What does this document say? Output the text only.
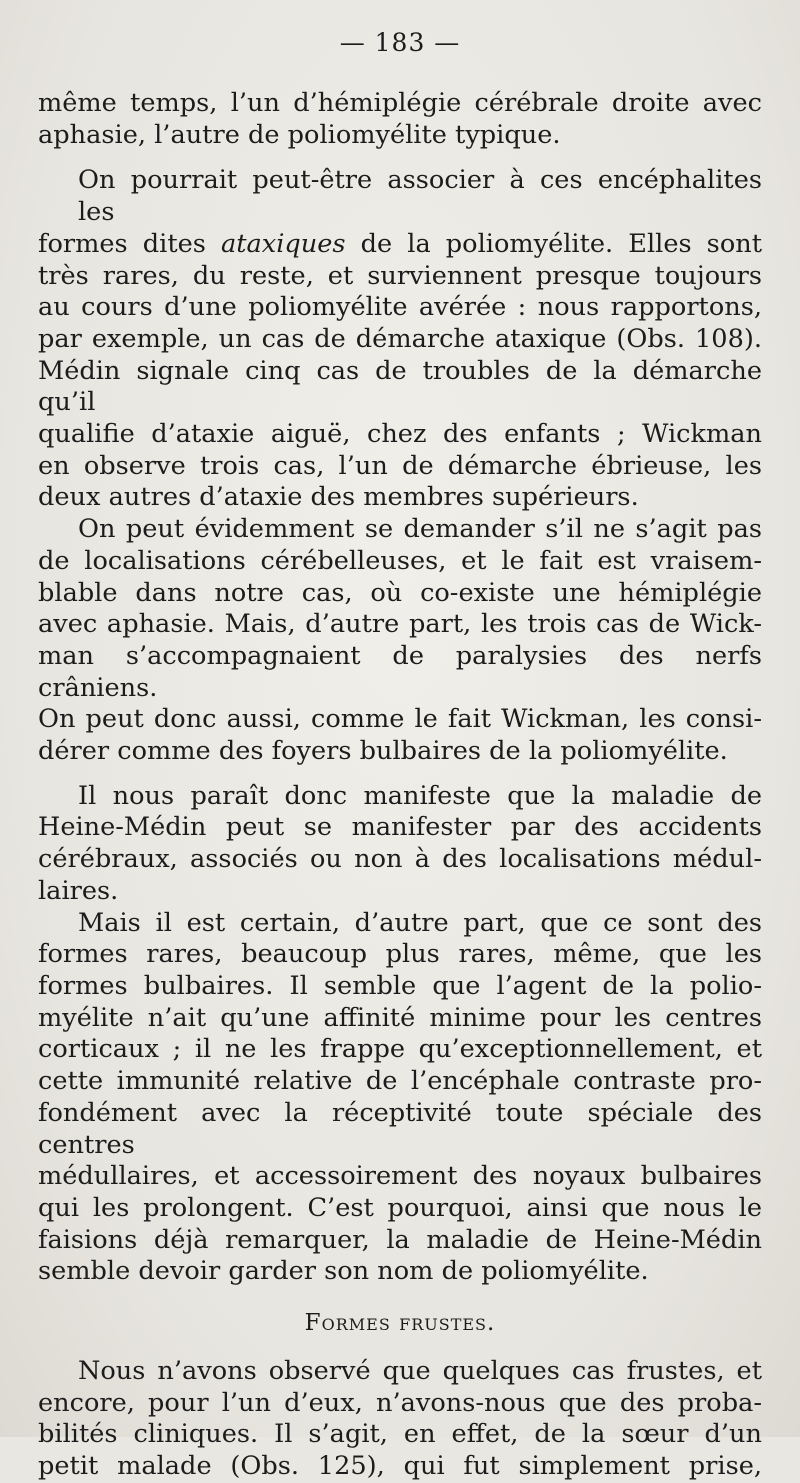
— 183 —

même temps, l’un d’hémiplégie cérébrale droite avec
aphasie, l’autre de poliomyélite typique.

On pourrait peut-être associer à ces encéphalites les
formes dites ataxiques de la poliomyélite. Elles sont
très rares, du reste, et surviennent presque toujours
au cours d’une poliomyélite avérée : nous rapportons,
par exemple, un cas de démarche ataxique (Obs. 108).
Médin signale cinq cas de troubles de la démarche qu’il
qualifie d’ataxie aiguë, chez des enfants ; Wickman
en observe trois cas, l’un de démarche ébrieuse, les
deux autres d’ataxie des membres supérieurs.

On peut évidemment se demander s’il ne s’agit pas
de localisations cérébelleuses, et le fait est vraisem-
blable dans notre cas, où co-existe une hémiplégie
avec aphasie. Mais, d’autre part, les trois cas de Wick-
man s’accompagnaient de paralysies des nerfs crâniens.
On peut donc aussi, comme le fait Wickman, les consi-
dérer comme des foyers bulbaires de la poliomyélite.

Il nous paraît donc manifeste que la maladie de
Heine-Médin peut se manifester par des accidents
cérébraux, associés ou non à des localisations médul-
laires.

Mais il est certain, d’autre part, que ce sont des
formes rares, beaucoup plus rares, même, que les
formes bulbaires. Il semble que l’agent de la polio-
myélite n’ait qu’une affinité minime pour les centres
corticaux ; il ne les frappe qu’exceptionnellement, et
cette immunité relative de l’encéphale contraste pro-
fondément avec la réceptivité toute spéciale des centres
médullaires, et accessoirement des noyaux bulbaires
qui les prolongent. C’est pourquoi, ainsi que nous le
faisions déjà remarquer, la maladie de Heine-Médin
semble devoir garder son nom de poliomyélite.

Formes frustes.

Nous n’avons observé que quelques cas frustes, et
encore, pour l’un d’eux, n’avons-nous que des proba-
bilités cliniques. Il s’agit, en effet, de la sœur d’un
petit malade (Obs. 125), qui fut simplement prise,
